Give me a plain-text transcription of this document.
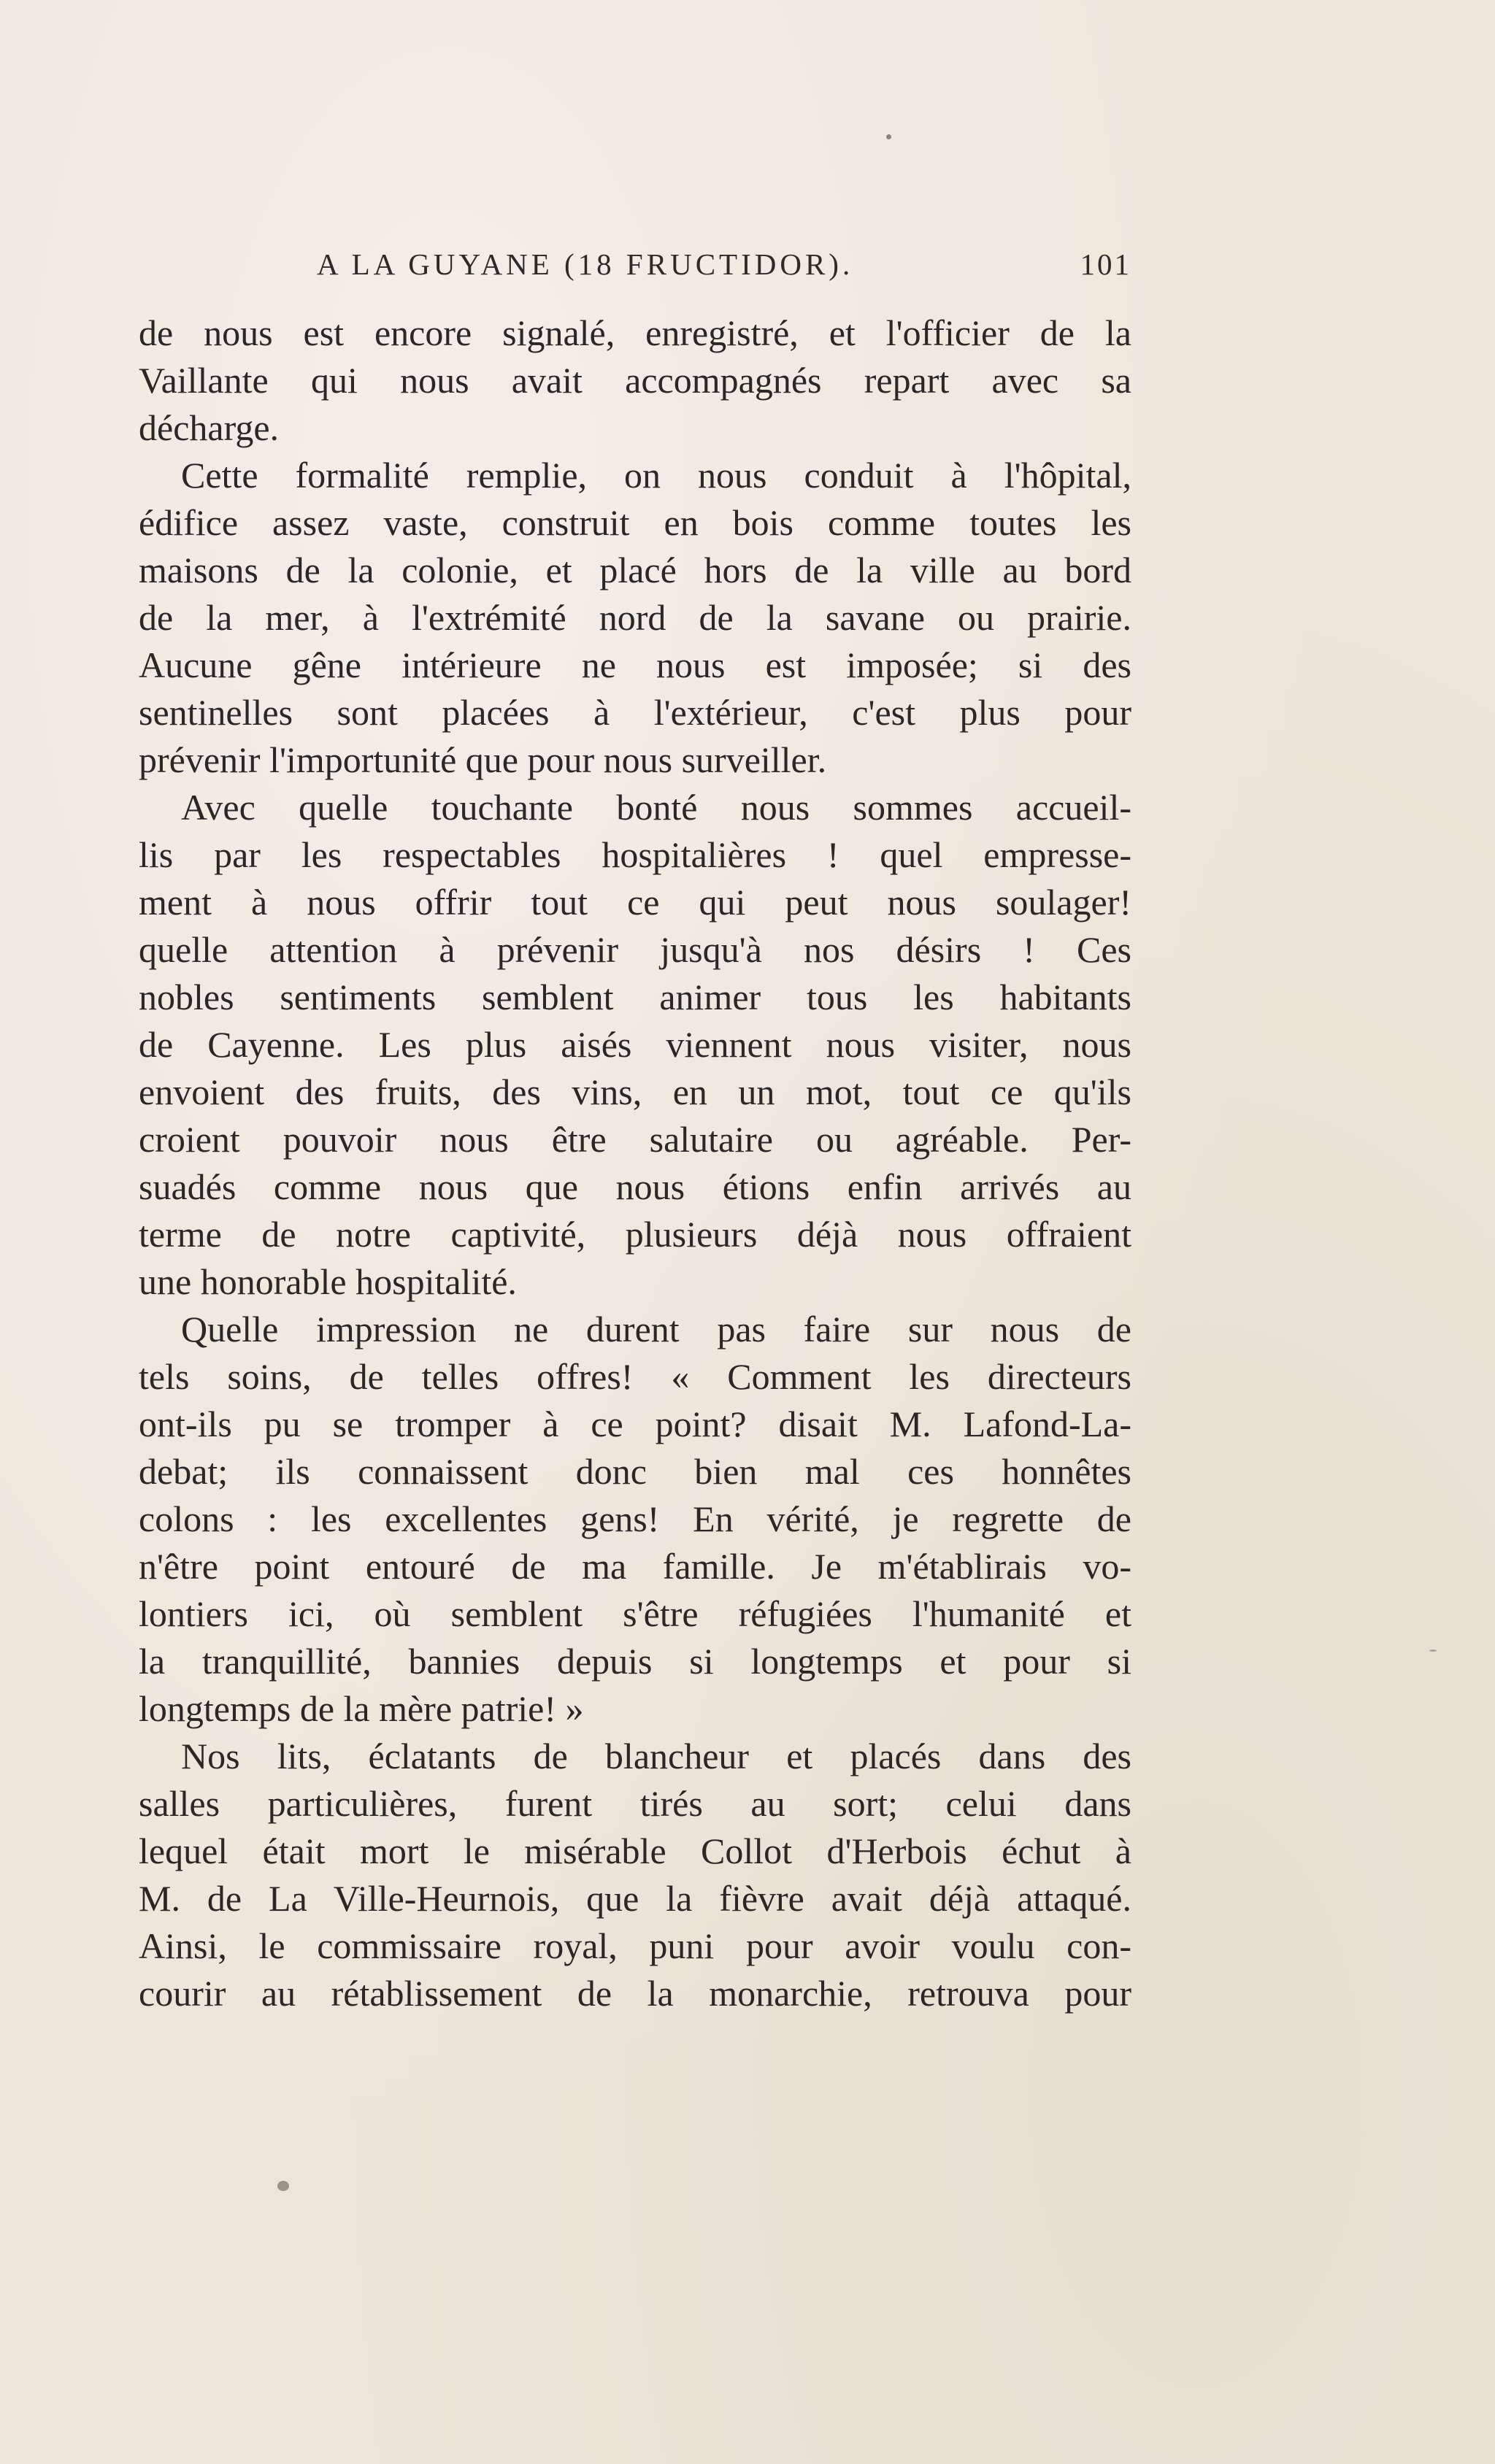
A LA GUYANE (18 FRUCTIDOR).	101
de nous est encore signalé, enregistré, et l'officier de la
Vaillante qui nous avait accompagnés repart avec sa
décharge.
Cette formalité remplie, on nous conduit à l'hôpital,
édifice assez vaste, construit en bois comme toutes les
maisons de la colonie, et placé hors de la ville au bord
de la mer, à l'extrémité nord de la savane ou prairie.
Aucune gêne intérieure ne nous est imposée; si des
sentinelles sont placées à l'extérieur, c'est plus pour
prévenir l'importunité que pour nous surveiller.
Avec quelle touchante bonté nous sommes accueil-
lis par les respectables hospitalières ! quel empresse-
ment à nous offrir tout ce qui peut nous soulager!
quelle attention à prévenir jusqu'à nos désirs ! Ces
nobles sentiments semblent animer tous les habitants
de Cayenne. Les plus aisés viennent nous visiter, nous
envoient des fruits, des vins, en un mot, tout ce qu'ils
croient pouvoir nous être salutaire ou agréable. Per-
suadés comme nous que nous étions enfin arrivés au
terme de notre captivité, plusieurs déjà nous offraient
une honorable hospitalité.
Quelle impression ne durent pas faire sur nous de
tels soins, de telles offres! « Comment les directeurs
ont-ils pu se tromper à ce point? disait M. Lafond-La-
debat; ils connaissent donc bien mal ces honnêtes
colons : les excellentes gens! En vérité, je regrette de
n'être point entouré de ma famille. Je m'établirais vo-
lontiers ici, où semblent s'être réfugiées l'humanité et
la tranquillité, bannies depuis si longtemps et pour si
longtemps de la mère patrie! »
Nos lits, éclatants de blancheur et placés dans des
salles particulières, furent tirés au sort; celui dans
lequel était mort le misérable Collot d'Herbois échut à
M. de La Ville-Heurnois, que la fièvre avait déjà attaqué.
Ainsi, le commissaire royal, puni pour avoir voulu con-
courir au rétablissement de la monarchie, retrouva pour
